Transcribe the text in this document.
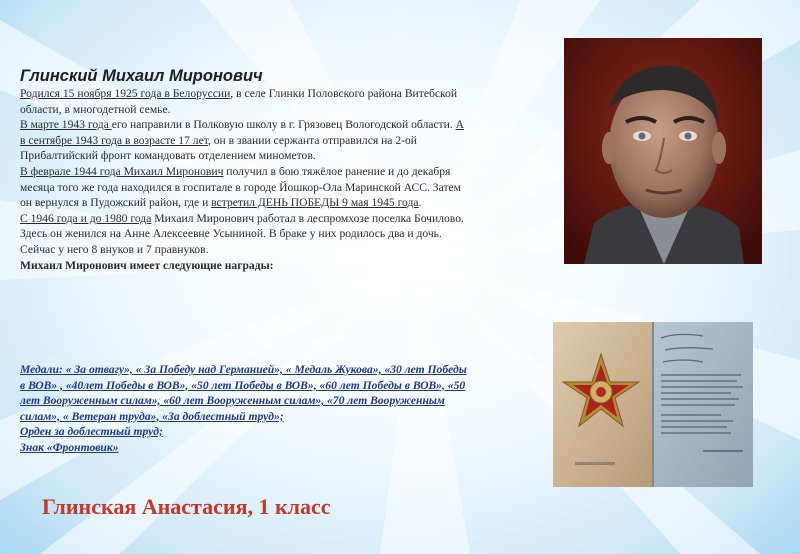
Глинский Михаил Миронович
Родился 15 ноября 1925 года в Белоруссии, в селе Глинки Половского района Витебской области, в многодетной семье.
В марте 1943 года его направили в Полковую школу в г. Грязовец Вологодской области. А в сентябре 1943 года в возрасте 17 лет, он в звании сержанта отправился на 2-ой Прибалтийский фронт командовать отделением минометов.
В феврале 1944 года Михаил Миронович получил в бою тяжёлое ранение и до декабря месяца того же года находился в госпитале в городе Йошкор-Ола Маринской АСС. Затем он вернулся в Пудожский район, где и встретил ДЕНЬ ПОБЕДЫ 9 мая 1945 года.
С 1946 года и до 1980 года Михаил Миронович работал в леспромхозе поселка Бочилово. Здесь он женился на Анне Алексеевне Усыниной. В браке у них родилось два и дочь. Сейчас у него 8 внуков и 7 правнуков.
Михаил Миронович имеет следующие награды:
Медали: « За отвагу», « За Победу над Германией», « Медаль Жукова», «30 лет Победы в ВОВ» , «40лет Победы в ВОВ», «50 лет Победы в ВОВ», «60 лет Победы в ВОВ», «50 лет Вооруженным силам», «60 лет Вооруженным силам», «70 лет Вооруженным силам», « Ветеран труда», «За доблестный труд»;
Орден за доблестный труд;
Знак «Фронтовик»
Глинская Анастасия, 1 класс
